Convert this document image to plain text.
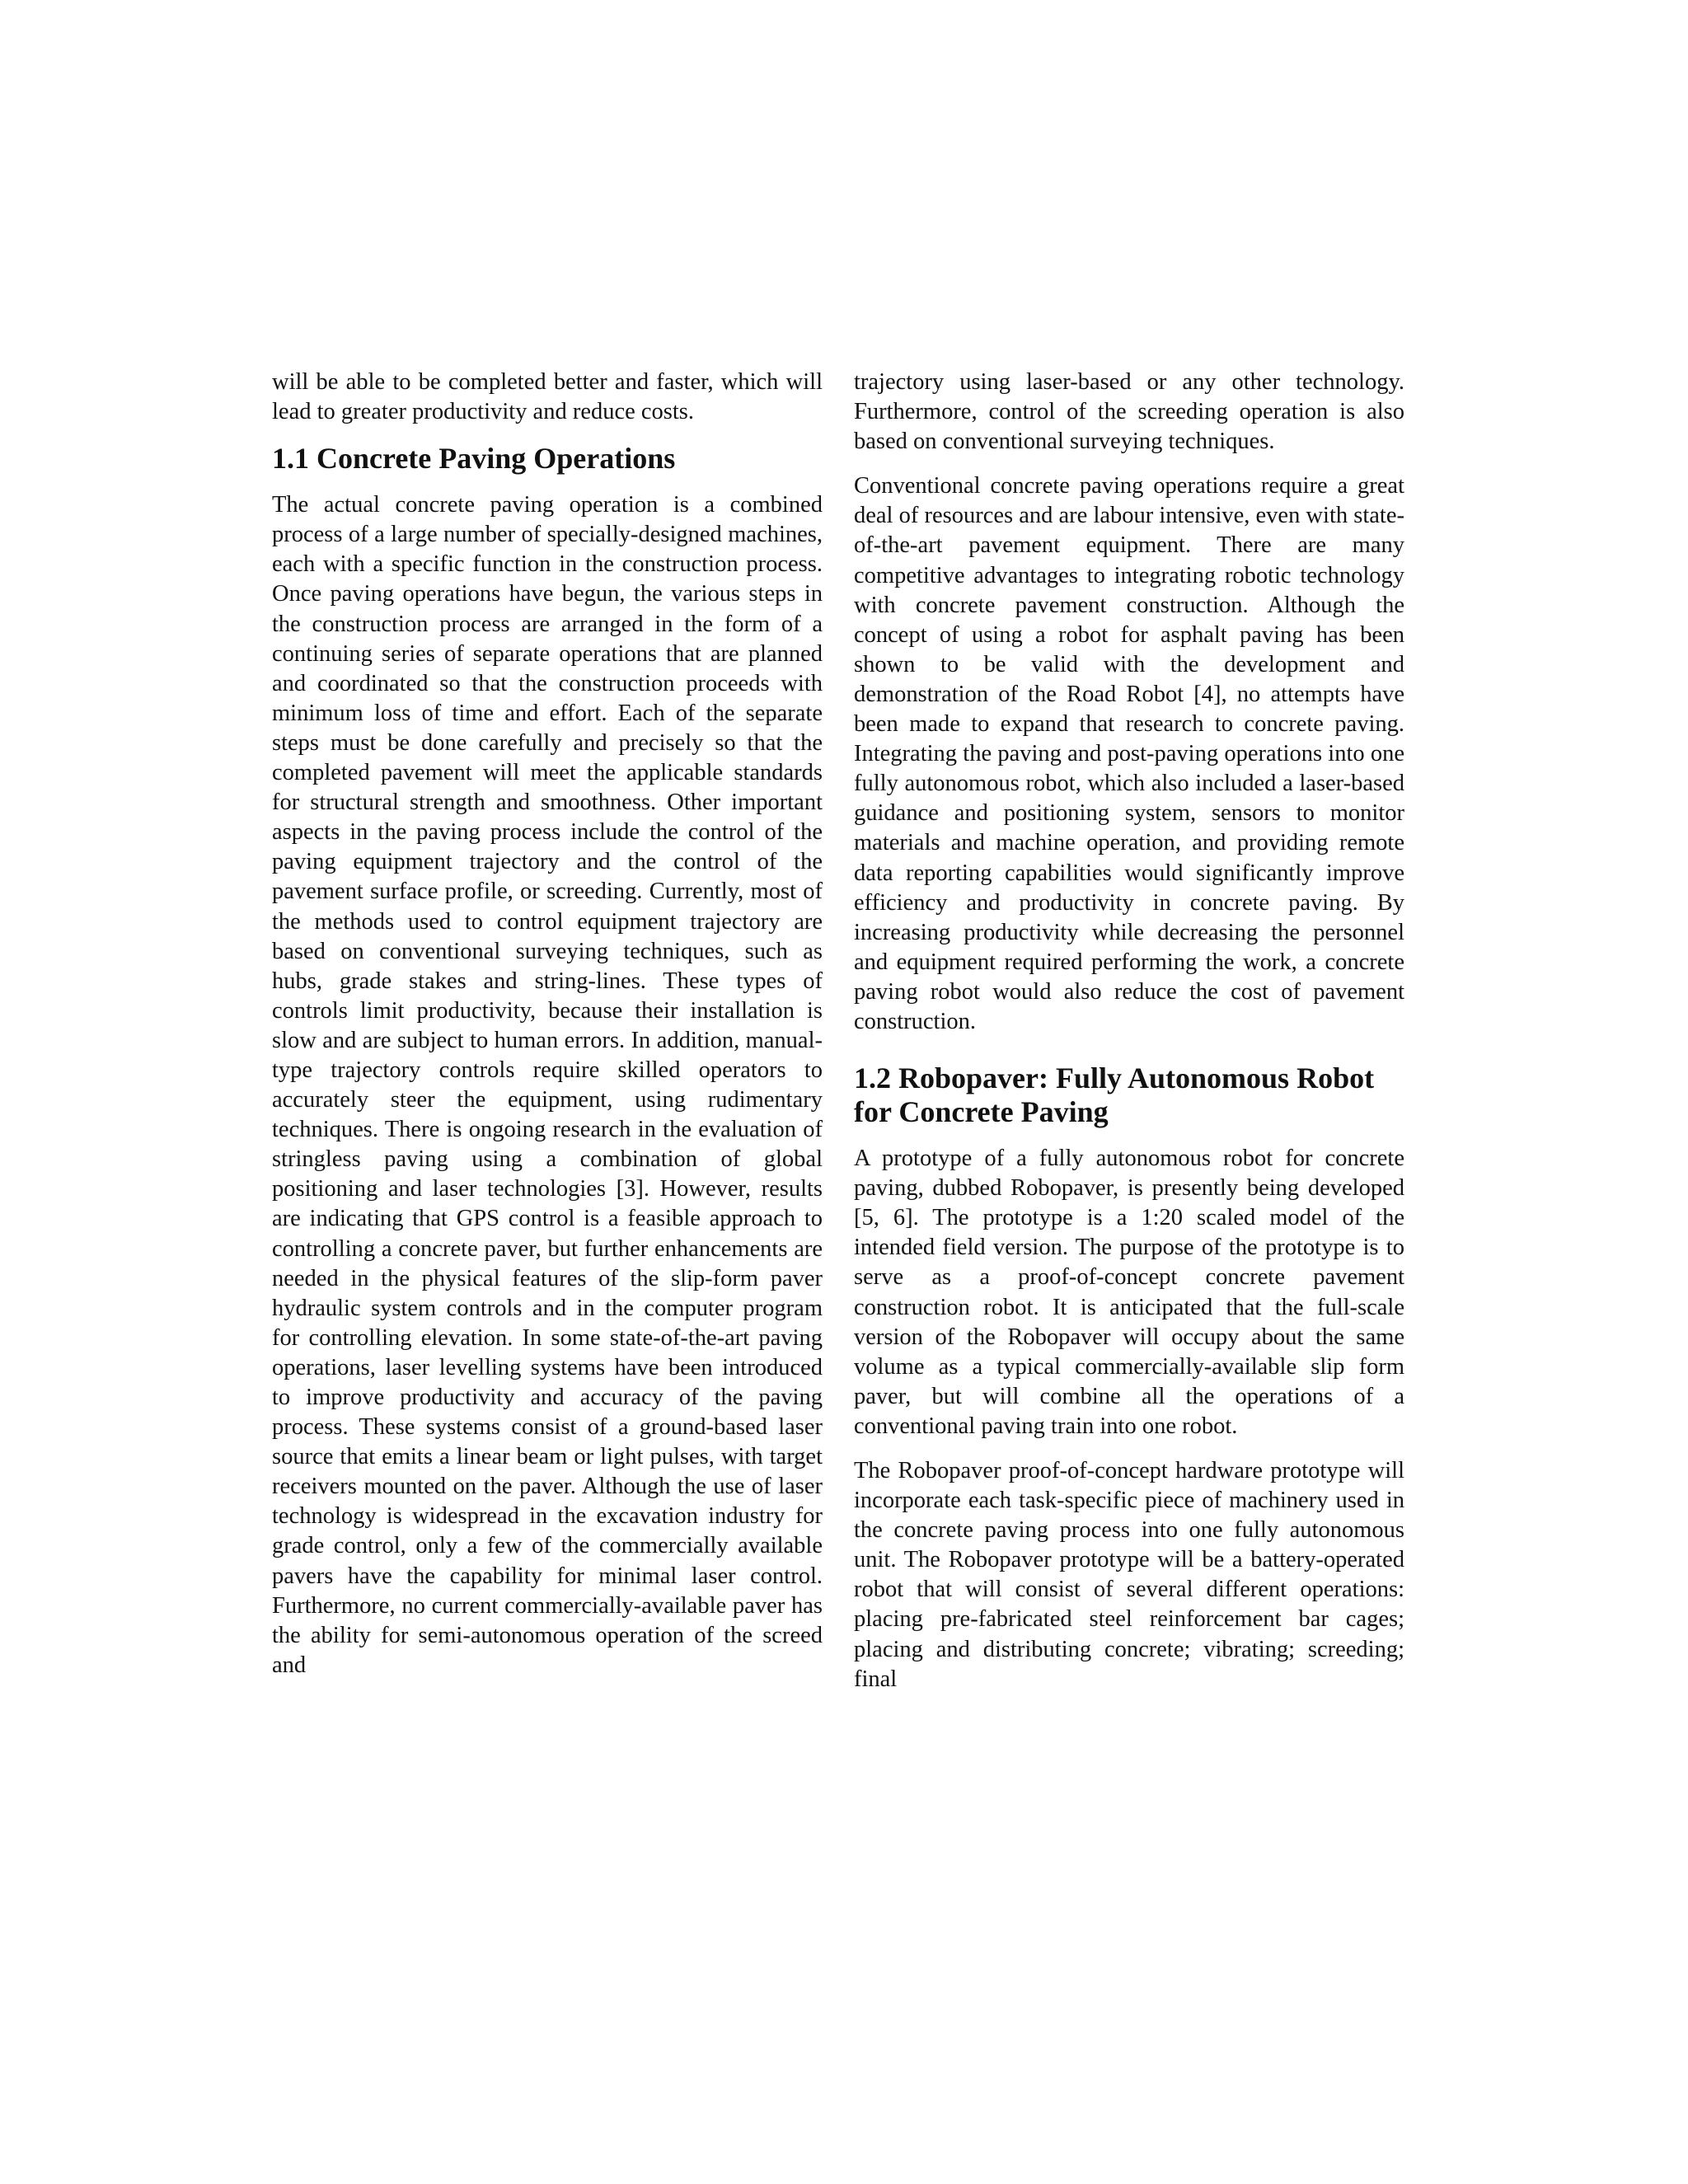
will be able to be completed better and faster, which will lead to greater productivity and reduce costs.

1.1 Concrete Paving Operations

The actual concrete paving operation is a combined process of a large number of specially-designed machines, each with a specific function in the construction process. Once paving operations have begun, the various steps in the construction process are arranged in the form of a continuing series of separate operations that are planned and coordinated so that the construction proceeds with minimum loss of time and effort. Each of the separate steps must be done carefully and precisely so that the completed pavement will meet the applicable standards for structural strength and smoothness. Other important aspects in the paving process include the control of the paving equipment trajectory and the control of the pavement surface profile, or screeding. Currently, most of the methods used to control equipment trajectory are based on conventional surveying techniques, such as hubs, grade stakes and string-lines. These types of controls limit productivity, because their installation is slow and are subject to human errors. In addition, manual-type trajectory controls require skilled operators to accurately steer the equipment, using rudimentary techniques. There is ongoing research in the evaluation of stringless paving using a combination of global positioning and laser technologies [3]. However, results are indicating that GPS control is a feasible approach to controlling a concrete paver, but further enhancements are needed in the physical features of the slip-form paver hydraulic system controls and in the computer program for controlling elevation. In some state-of-the-art paving operations, laser levelling systems have been introduced to improve productivity and accuracy of the paving process. These systems consist of a ground-based laser source that emits a linear beam or light pulses, with target receivers mounted on the paver. Although the use of laser technology is widespread in the excavation industry for grade control, only a few of the commercially available pavers have the capability for minimal laser control. Furthermore, no current commercially-available paver has the ability for semi-autonomous operation of the screed and

trajectory using laser-based or any other technology. Furthermore, control of the screeding operation is also based on conventional surveying techniques.

Conventional concrete paving operations require a great deal of resources and are labour intensive, even with state-of-the-art pavement equipment. There are many competitive advantages to integrating robotic technology with concrete pavement construction. Although the concept of using a robot for asphalt paving has been shown to be valid with the development and demonstration of the Road Robot [4], no attempts have been made to expand that research to concrete paving. Integrating the paving and post-paving operations into one fully autonomous robot, which also included a laser-based guidance and positioning system, sensors to monitor materials and machine operation, and providing remote data reporting capabilities would significantly improve efficiency and productivity in concrete paving. By increasing productivity while decreasing the personnel and equipment required performing the work, a concrete paving robot would also reduce the cost of pavement construction.

1.2 Robopaver: Fully Autonomous Robot for Concrete Paving

A prototype of a fully autonomous robot for concrete paving, dubbed Robopaver, is presently being developed [5, 6]. The prototype is a 1:20 scaled model of the intended field version. The purpose of the prototype is to serve as a proof-of-concept concrete pavement construction robot. It is anticipated that the full-scale version of the Robopaver will occupy about the same volume as a typical commercially-available slip form paver, but will combine all the operations of a conventional paving train into one robot.

The Robopaver proof-of-concept hardware prototype will incorporate each task-specific piece of machinery used in the concrete paving process into one fully autonomous unit. The Robopaver prototype will be a battery-operated robot that will consist of several different operations: placing pre-fabricated steel reinforcement bar cages; placing and distributing concrete; vibrating; screeding; final
